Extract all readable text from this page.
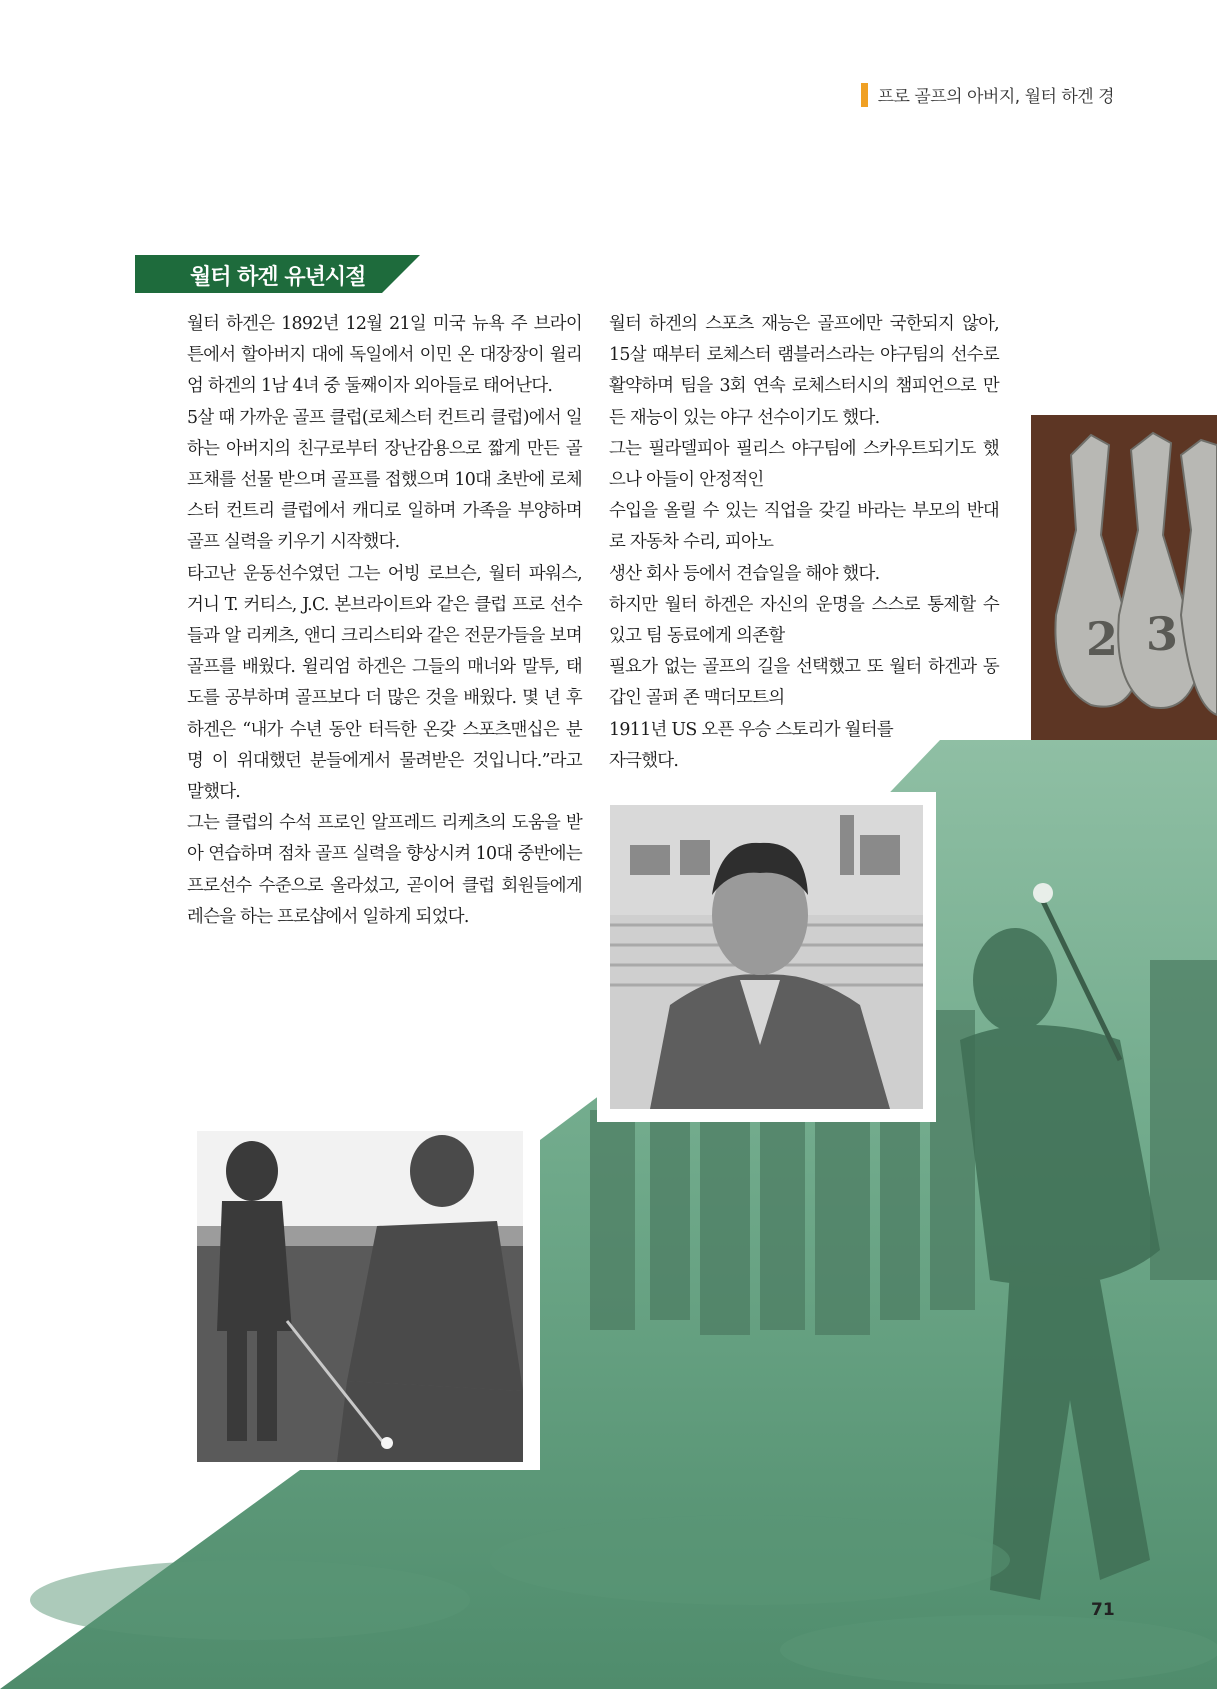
프로 골프의 아버지, 월터 하겐 경
월터 하겐 유년시절

월터 하겐은 1892년 12월 21일 미국 뉴욕 주 브라이튼에서 할아버지 대에 독일에서 이민 온 대장장이 윌리엄 하겐의 1남 4녀 중 둘째이자 외아들로 태어난다.

5살 때 가까운 골프 클럽(로체스터 컨트리 클럽)에서 일하는 아버지의 친구로부터 장난감용으로 짧게 만든 골프채를 선물 받으며 골프를 접했으며 10대 초반에 로체스터 컨트리 클럽에서 캐디로 일하며 가족을 부양하며 골프 실력을 키우기 시작했다.

타고난 운동선수였던 그는 어빙 로브슨, 월터 파워스, 거니 T. 커티스, J.C. 본브라이트와 같은 클럽 프로 선수들과 알 리케츠, 앤디 크리스티와 같은 전문가들을 보며 골프를 배웠다. 윌리엄 하겐은 그들의 매너와 말투, 태도를 공부하며 골프보다 더 많은 것을 배웠다. 몇 년 후 하겐은 “내가 수년 동안 터득한 온갖 스포츠맨십은 분명 이 위대했던 분들에게서 물려받은 것입니다.”라고 말했다.

그는 클럽의 수석 프로인 알프레드 리케츠의 도움을 받아 연습하며 점차 골프 실력을 향상시켜 10대 중반에는 프로선수 수준으로 올라섰고, 곧이어 클럽 회원들에게 레슨을 하는 프로샵에서 일하게 되었다.

월터 하겐의 스포츠 재능은 골프에만 국한되지 않아, 15살 때부터 로체스터 램블러스라는 야구팀의 선수로 활약하며 팀을 3회 연속 로체스터시의 챔피언으로 만든 재능이 있는 야구 선수이기도 했다.

그는 필라델피아 필리스 야구팀에 스카우트되기도 했으나 아들이 안정적인

수입을 올릴 수 있는 직업을 갖길 바라는 부모의 반대로 자동차 수리, 피아노

생산 회사 등에서 견습일을 해야 했다.

하지만 월터 하겐은 자신의 운명을 스스로 통제할 수 있고 팀 동료에게 의존할

필요가 없는 골프의 길을 선택했고 또 월터 하겐과 동갑인 골퍼 존 맥더모트의

1911년 US 오픈 우승 스토리가 월터를

자극했다.

2 3
71
